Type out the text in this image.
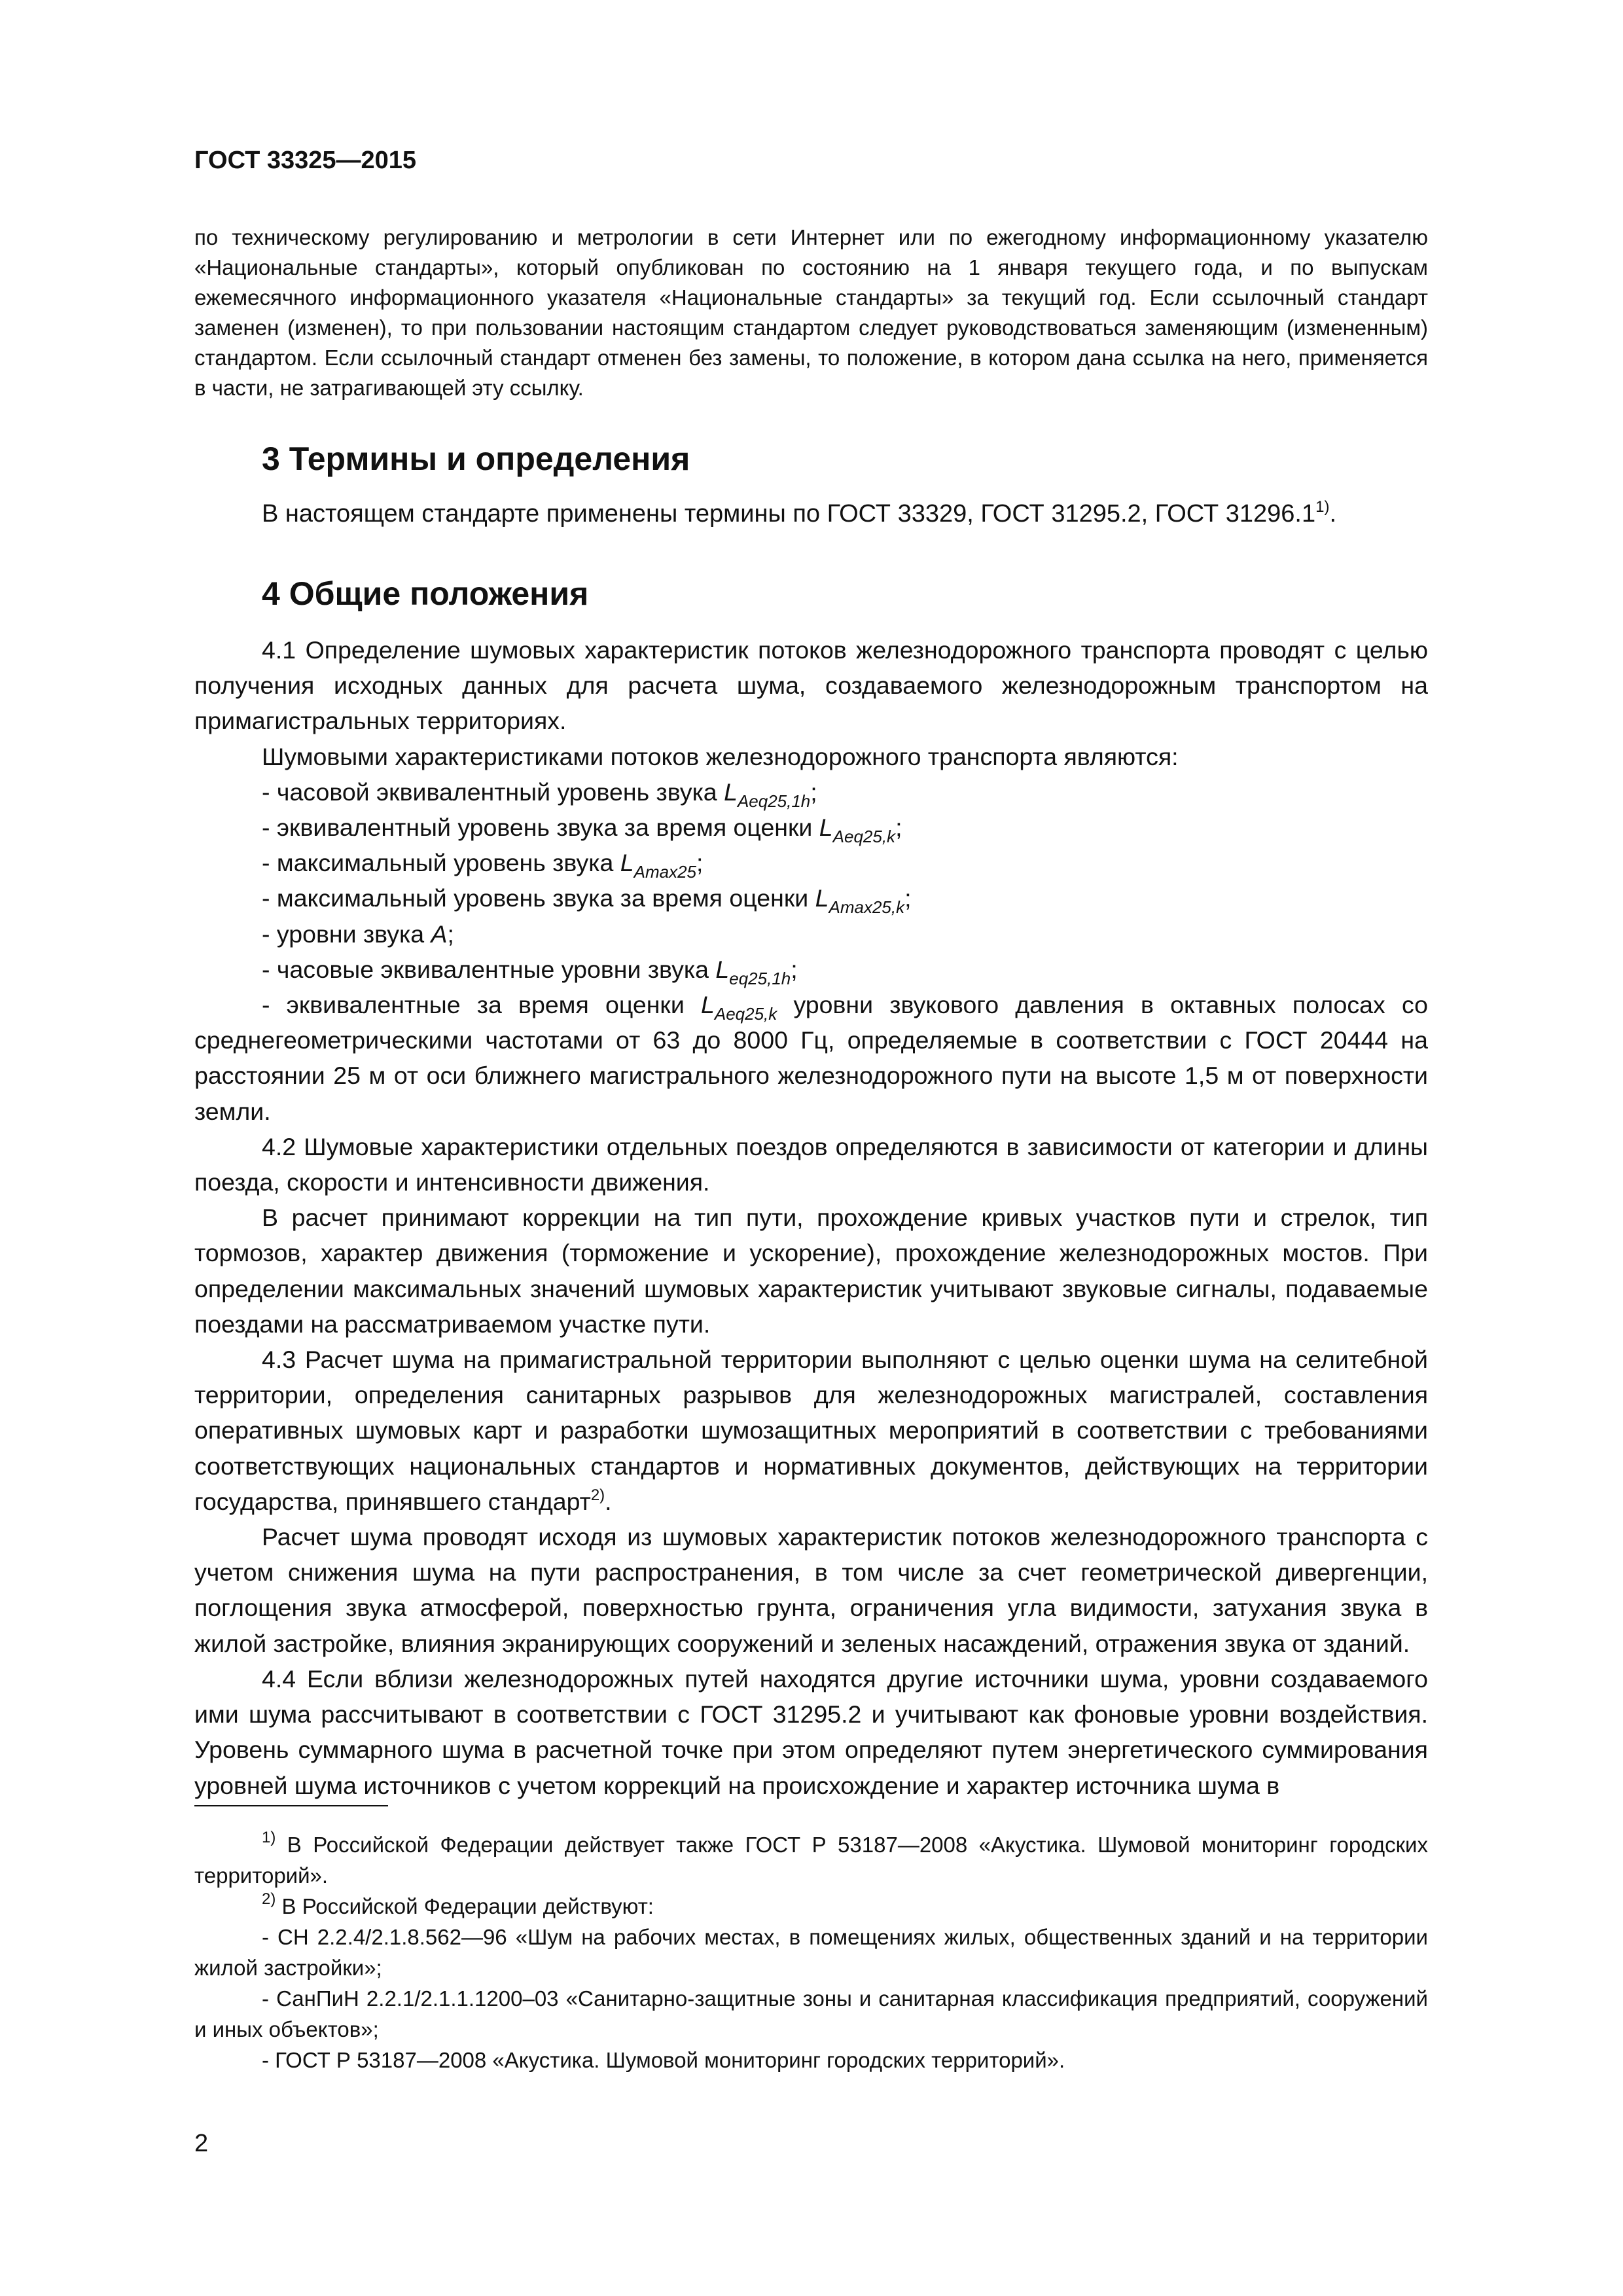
ГОСТ 33325—2015

по техническому регулированию и метрологии в сети Интернет или по ежегодному информационному указателю «Национальные стандарты», который опубликован по состоянию на 1 января текущего года, и по выпускам ежемесячного информационного указателя «Национальные стандарты» за текущий год. Если ссылочный стандарт заменен (изменен), то при пользовании настоящим стандартом следует руководствоваться заменяющим (измененным) стандартом. Если ссылочный стандарт отменен без замены, то положение, в котором дана ссылка на него, применяется в части, не затрагивающей эту ссылку.

3 Термины и определения

В настоящем стандарте применены термины по ГОСТ 33329, ГОСТ 31295.2, ГОСТ 31296.1$^{1)}$.

4 Общие положения

4.1 Определение шумовых характеристик потоков железнодорожного транспорта проводят с целью получения исходных данных для расчета шума, создаваемого железнодорожным транспортом на примагистральных территориях.

Шумовыми характеристиками потоков железнодорожного транспорта являются:

- часовой эквивалентный уровень звука $L_{Aeq25,1h}$;

- эквивалентный уровень звука за время оценки $L_{Aeq25,k}$;

- максимальный уровень звука $L_{Amax25}$;

- максимальный уровень звука за время оценки $L_{Amax25,k}$;

- уровни звука A;

- часовые эквивалентные уровни звука $L_{eq25,1h}$;

- эквивалентные за время оценки $L_{Aeq25,k}$ уровни звукового давления в октавных полосах со среднегеометрическими частотами от 63 до 8000 Гц, определяемые в соответствии с ГОСТ 20444 на расстоянии 25 м от оси ближнего магистрального железнодорожного пути на высоте 1,5 м от поверхности земли.

4.2 Шумовые характеристики отдельных поездов определяются в зависимости от категории и длины поезда, скорости и интенсивности движения.

В расчет принимают коррекции на тип пути, прохождение кривых участков пути и стрелок, тип тормозов, характер движения (торможение и ускорение), прохождение железнодорожных мостов. При определении максимальных значений шумовых характеристик учитывают звуковые сигналы, подаваемые поездами на рассматриваемом участке пути.

4.3 Расчет шума на примагистральной территории выполняют с целью оценки шума на селитебной территории, определения санитарных разрывов для железнодорожных магистралей, составления оперативных шумовых карт и разработки шумозащитных мероприятий в соответствии с требованиями соответствующих национальных стандартов и нормативных документов, действующих на территории государства, принявшего стандарт$^{2)}$.

Расчет шума проводят исходя из шумовых характеристик потоков железнодорожного транспорта с учетом снижения шума на пути распространения, в том числе за счет геометрической дивергенции, поглощения звука атмосферой, поверхностью грунта, ограничения угла видимости, затухания звука в жилой застройке, влияния экранирующих сооружений и зеленых насаждений, отражения звука от зданий.

4.4 Если вблизи железнодорожных путей находятся другие источники шума, уровни создаваемого ими шума рассчитывают в соответствии с ГОСТ 31295.2 и учитывают как фоновые уровни воздействия. Уровень суммарного шума в расчетной точке при этом определяют путем энергетического суммирования уровней шума источников с учетом коррекций на происхождение и характер источника шума в

$^{1)}$ В Российской Федерации действует также ГОСТ Р 53187—2008 «Акустика. Шумовой мониторинг городских территорий».

$^{2)}$ В Российской Федерации действуют:

- СН 2.2.4/2.1.8.562—96 «Шум на рабочих местах, в помещениях жилых, общественных зданий и на территории жилой застройки»;

- СанПиН 2.2.1/2.1.1.1200–03 «Санитарно-защитные зоны и санитарная классификация предприятий, сооружений и иных объектов»;

- ГОСТ Р 53187—2008 «Акустика. Шумовой мониторинг городских территорий».

2
